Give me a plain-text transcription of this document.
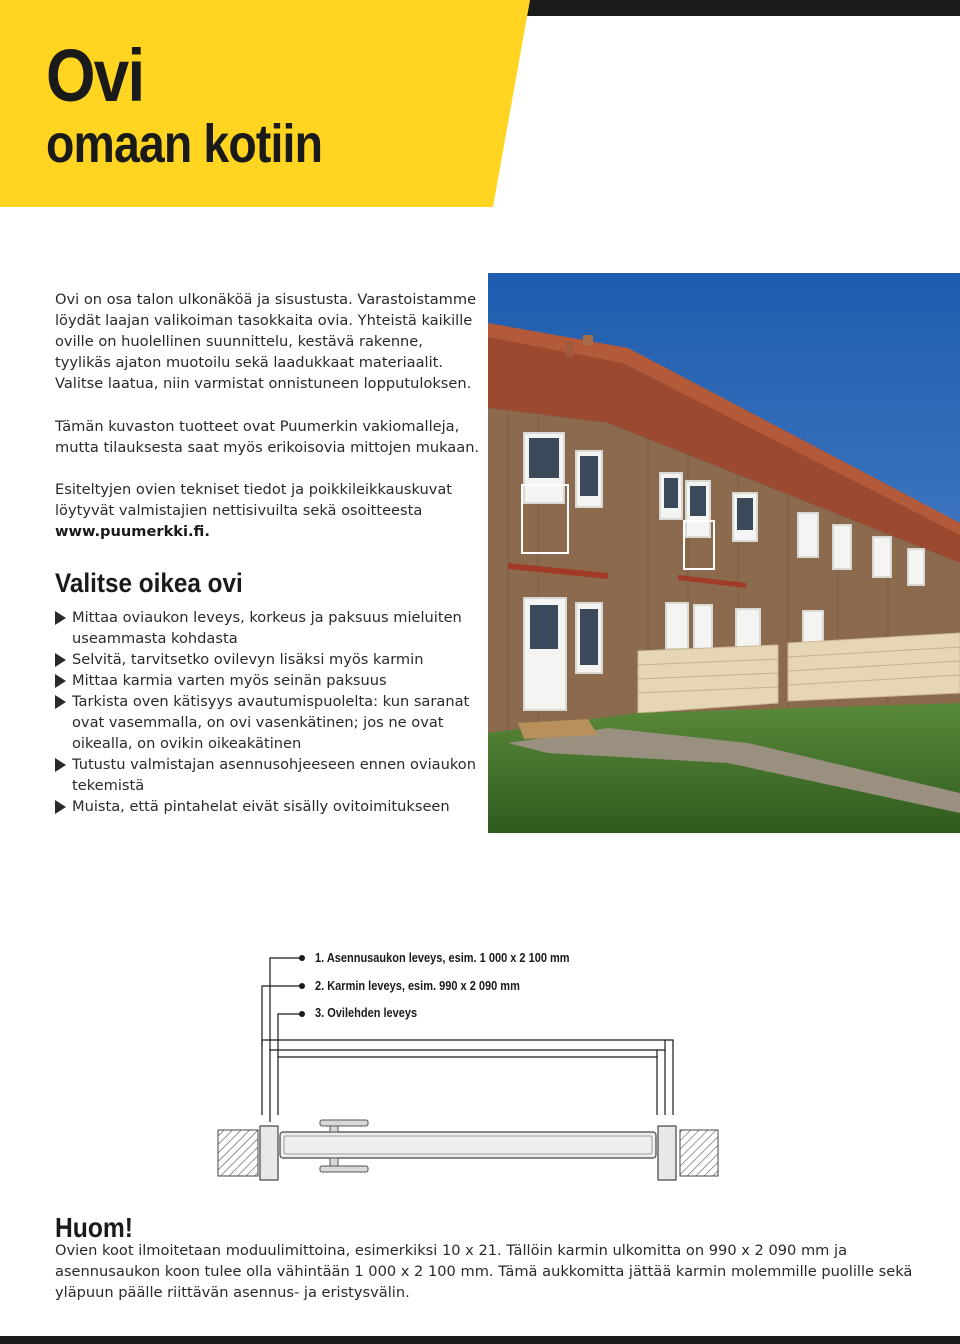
Ovi
omaan kotiin

Ovi on osa talon ulkonäköä ja sisustusta. Varastoistamme löydät laajan valikoiman tasokkaita ovia. Yhteistä kaikille oville on huolellinen suunnittelu, kestävä rakenne, tyylikäs ajaton muotoilu sekä laadukkaat materiaalit. Valitse laatua, niin varmistat onnistuneen lopputuloksen.

Tämän kuvaston tuotteet ovat Puumerkin vakiomalleja, mutta tilauksesta saat myös erikoisovia mittojen mukaan.

Esiteltyjen ovien tekniset tiedot ja poikkileikkauskuvat löytyvät valmistajien nettisivuilta sekä osoitteesta
www.puumerkki.fi.

Valitse oikea ovi
Mittaa oviaukon leveys, korkeus ja paksuus mieluiten useammasta kohdasta
Selvitä, tarvitsetko ovilevyn lisäksi myös karmin
Mittaa karmia varten myös seinän paksuus
Tarkista oven kätisyys avautumispuolelta: kun saranat ovat vasemmalla, on ovi vasenkätinen; jos ne ovat oikealla, on ovikin oikeakätinen
Tutustu valmistajan asennusohjeeseen ennen oviaukon tekemistä
Muista, että pintahelat eivät sisälly ovitoimitukseen
1. Asennusaukon leveys, esim. 1 000 x 2 100 mm
2. Karmin leveys, esim. 990 x 2 090 mm
3. Ovilehden leveys
Huom!

Ovien koot ilmoitetaan moduulimittoina, esimerkiksi 10 x 21. Tällöin karmin ulkomitta on 990 x 2 090 mm ja asennusaukon koon tulee olla vähintään 1 000 x 2 100 mm. Tämä aukkomitta jättää karmin molemmille puolille sekä yläpuun päälle riittävän asennus- ja eristysvälin.
